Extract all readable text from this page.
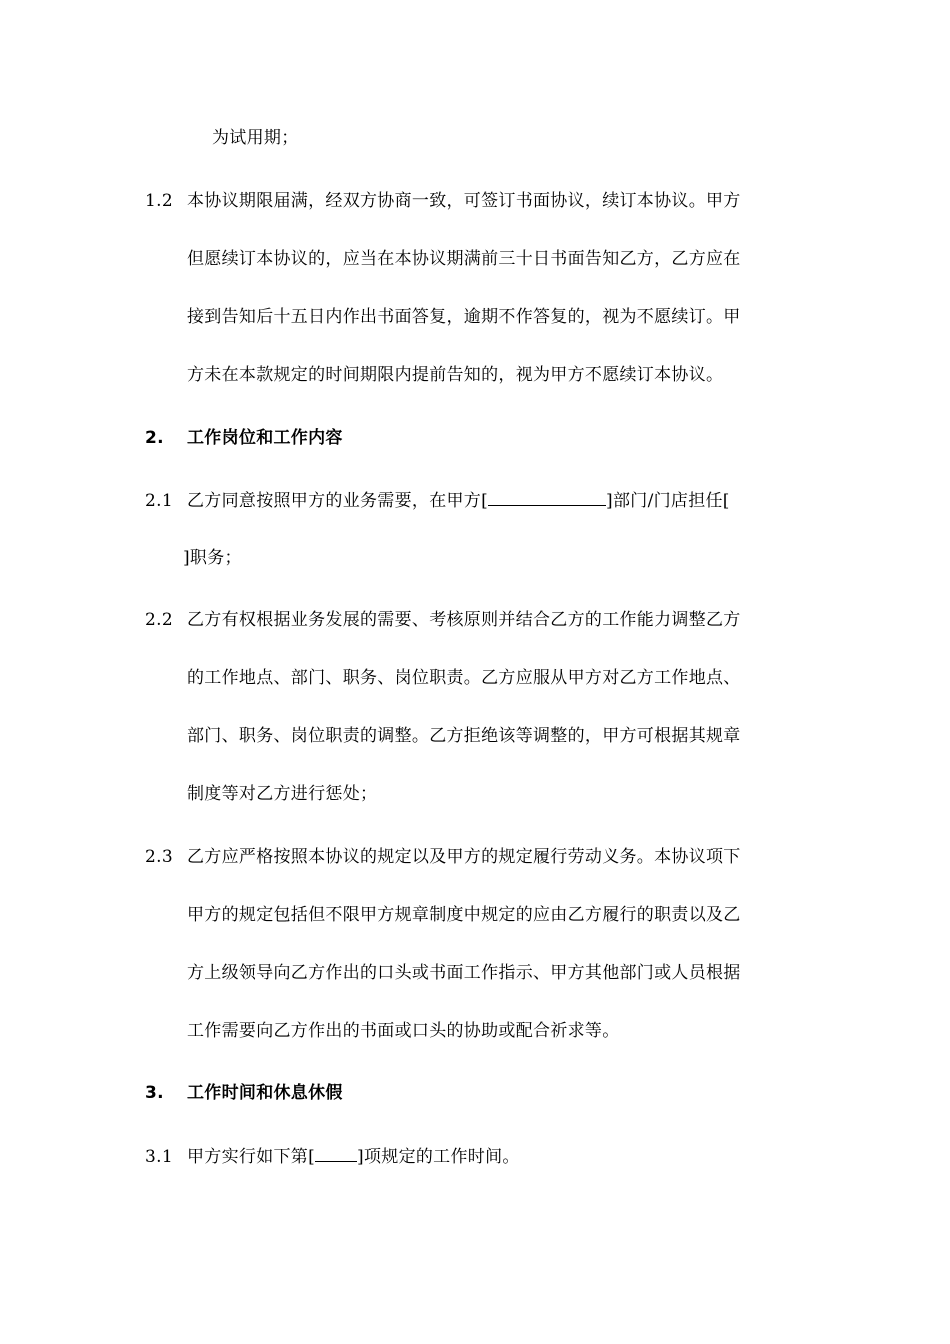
为试用期；
1.2 本协议期限届满，经双方协商一致，可签订书面协议，续订本协议。甲方
但愿续订本协议的，应当在本协议期满前三十日书面告知乙方，乙方应在
接到告知后十五日内作出书面答复，逾期不作答复的，视为不愿续订。甲
方未在本款规定的时间期限内提前告知的，视为甲方不愿续订本协议。
2. 工作岗位和工作内容
2.1 乙方同意按照甲方的业务需要，在甲方[	]部门/门店担任[
]职务；
2.2 乙方有权根据业务发展的需要、考核原则并结合乙方的工作能力调整乙方
的工作地点、部门、职务、岗位职责。乙方应服从甲方对乙方工作地点、
部门、职务、岗位职责的调整。乙方拒绝该等调整的，甲方可根据其规章
制度等对乙方进行惩处；
2.3 乙方应严格按照本协议的规定以及甲方的规定履行劳动义务。本协议项下
甲方的规定包括但不限甲方规章制度中规定的应由乙方履行的职责以及乙
方上级领导向乙方作出的口头或书面工作指示、甲方其他部门或人员根据
工作需要向乙方作出的书面或口头的协助或配合祈求等。
3. 工作时间和休息休假
3.1 甲方实行如下第[ ]项规定的工作时间。
